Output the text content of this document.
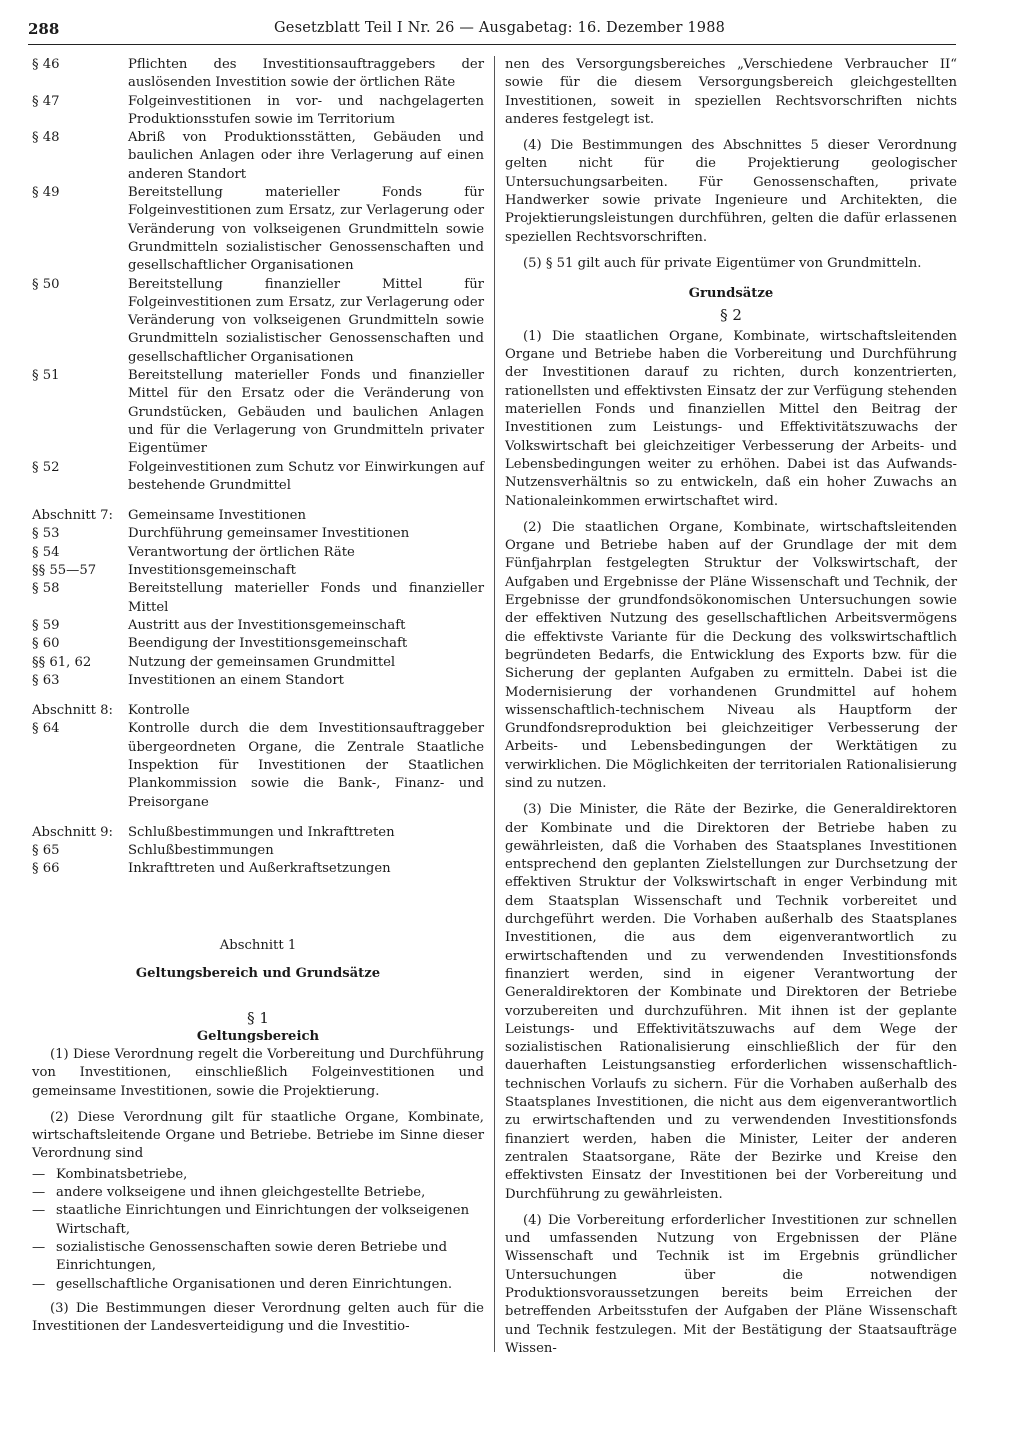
288	Gesetzblatt Teil I Nr. 26 — Ausgabetag: 16. Dezember 1988
§ 46	Pflichten des Investitionsauftraggebers der auslösenden Investition sowie der örtlichen Räte
§ 47	Folgeinvestitionen in vor- und nachgelagerten Produktionsstufen sowie im Territorium
§ 48	Abriß von Produktionsstätten, Gebäuden und baulichen Anlagen oder ihre Verlagerung auf einen anderen Standort
§ 49	Bereitstellung materieller Fonds für Folgeinvestitionen zum Ersatz, zur Verlagerung oder Veränderung von volkseigenen Grundmitteln sowie Grundmitteln sozialistischer Genossenschaften und gesellschaftlicher Organisationen
§ 50	Bereitstellung finanzieller Mittel für Folgeinvestitionen zum Ersatz, zur Verlagerung oder Veränderung von volkseigenen Grundmitteln sowie Grundmitteln sozialistischer Genossenschaften und gesellschaftlicher Organisationen
§ 51	Bereitstellung materieller Fonds und finanzieller Mittel für den Ersatz oder die Veränderung von Grundstücken, Gebäuden und baulichen Anlagen und für die Verlagerung von Grundmitteln privater Eigentümer
§ 52	Folgeinvestitionen zum Schutz vor Einwirkungen auf bestehende Grundmittel
Abschnitt 7:	Gemeinsame Investitionen
§ 53	Durchführung gemeinsamer Investitionen
§ 54	Verantwortung der örtlichen Räte
§§ 55—57	Investitionsgemeinschaft
§ 58	Bereitstellung materieller Fonds und finanzieller Mittel
§ 59	Austritt aus der Investitionsgemeinschaft
§ 60	Beendigung der Investitionsgemeinschaft
§§ 61, 62	Nutzung der gemeinsamen Grundmittel
§ 63	Investitionen an einem Standort
Abschnitt 8:	Kontrolle
§ 64	Kontrolle durch die dem Investitionsauftraggeber übergeordneten Organe, die Zentrale Staatliche Inspektion für Investitionen der Staatlichen Plankommission sowie die Bank-, Finanz- und Preisorgane
Abschnitt 9:	Schlußbestimmungen und Inkrafttreten
§ 65	Schlußbestimmungen
§ 66	Inkrafttreten und Außerkraftsetzungen
Abschnitt 1
Geltungsbereich und Grundsätze
§ 1
Geltungsbereich

(1) Diese Verordnung regelt die Vorbereitung und Durchführung von Investitionen, einschließlich Folgeinvestitionen und gemeinsame Investitionen, sowie die Projektierung.

(2) Diese Verordnung gilt für staatliche Organe, Kombinate, wirtschaftsleitende Organe und Betriebe. Betriebe im Sinne dieser Verordnung sind

— Kombinatsbetriebe,
— andere volkseigene und ihnen gleichgestellte Betriebe,
— staatliche Einrichtungen und Einrichtungen der volkseigenen Wirtschaft,
— sozialistische Genossenschaften sowie deren Betriebe und Einrichtungen,
— gesellschaftliche Organisationen und deren Einrichtungen.

(3) Die Bestimmungen dieser Verordnung gelten auch für die Investitionen der Landesverteidigung und die Investitio-

nen des Versorgungsbereiches „Verschiedene Verbraucher II“ sowie für die diesem Versorgungsbereich gleichgestellten Investitionen, soweit in speziellen Rechtsvorschriften nichts anderes festgelegt ist.

(4) Die Bestimmungen des Abschnittes 5 dieser Verordnung gelten nicht für die Projektierung geologischer Untersuchungsarbeiten. Für Genossenschaften, private Handwerker sowie private Ingenieure und Architekten, die Projektierungsleistungen durchführen, gelten die dafür erlassenen speziellen Rechtsvorschriften.

(5) § 51 gilt auch für private Eigentümer von Grundmitteln.

Grundsätze
§ 2

(1) Die staatlichen Organe, Kombinate, wirtschaftsleitenden Organe und Betriebe haben die Vorbereitung und Durchführung der Investitionen darauf zu richten, durch konzentrierten, rationellsten und effektivsten Einsatz der zur Verfügung stehenden materiellen Fonds und finanziellen Mittel den Beitrag der Investitionen zum Leistungs- und Effektivitätszuwachs der Volkswirtschaft bei gleichzeitiger Verbesserung der Arbeits- und Lebensbedingungen weiter zu erhöhen. Dabei ist das Aufwands-Nutzensverhältnis so zu entwickeln, daß ein hoher Zuwachs an Nationaleinkommen erwirtschaftet wird.

(2) Die staatlichen Organe, Kombinate, wirtschaftsleitenden Organe und Betriebe haben auf der Grundlage der mit dem Fünfjahrplan festgelegten Struktur der Volkswirtschaft, der Aufgaben und Ergebnisse der Pläne Wissenschaft und Technik, der Ergebnisse der grundfondsökonomischen Untersuchungen sowie der effektiven Nutzung des gesellschaftlichen Arbeitsvermögens die effektivste Variante für die Deckung des volkswirtschaftlich begründeten Bedarfs, die Entwicklung des Exports bzw. für die Sicherung der geplanten Aufgaben zu ermitteln. Dabei ist die Modernisierung der vorhandenen Grundmittel auf hohem wissenschaftlich-technischem Niveau als Hauptform der Grundfondsreproduktion bei gleichzeitiger Verbesserung der Arbeits- und Lebensbedingungen der Werktätigen zu verwirklichen. Die Möglichkeiten der territorialen Rationalisierung sind zu nutzen.

(3) Die Minister, die Räte der Bezirke, die Generaldirektoren der Kombinate und die Direktoren der Betriebe haben zu gewährleisten, daß die Vorhaben des Staatsplanes Investitionen entsprechend den geplanten Zielstellungen zur Durchsetzung der effektiven Struktur der Volkswirtschaft in enger Verbindung mit dem Staatsplan Wissenschaft und Technik vorbereitet und durchgeführt werden. Die Vorhaben außerhalb des Staatsplanes Investitionen, die aus dem eigenverantwortlich zu erwirtschaftenden und zu verwendenden Investitionsfonds finanziert werden, sind in eigener Verantwortung der Generaldirektoren der Kombinate und Direktoren der Betriebe vorzubereiten und durchzuführen. Mit ihnen ist der geplante Leistungs- und Effektivitätszuwachs auf dem Wege der sozialistischen Rationalisierung einschließlich der für den dauerhaften Leistungsanstieg erforderlichen wissenschaftlich-technischen Vorlaufs zu sichern. Für die Vorhaben außerhalb des Staatsplanes Investitionen, die nicht aus dem eigenverantwortlich zu erwirtschaftenden und zu verwendenden Investitionsfonds finanziert werden, haben die Minister, Leiter der anderen zentralen Staatsorgane, Räte der Bezirke und Kreise den effektivsten Einsatz der Investitionen bei der Vorbereitung und Durchführung zu gewährleisten.

(4) Die Vorbereitung erforderlicher Investitionen zur schnellen und umfassenden Nutzung von Ergebnissen der Pläne Wissenschaft und Technik ist im Ergebnis gründlicher Untersuchungen über die notwendigen Produktionsvoraussetzungen bereits beim Erreichen der betreffenden Arbeitsstufen der Aufgaben der Pläne Wissenschaft und Technik festzulegen. Mit der Bestätigung der Staatsaufträge Wissen-
